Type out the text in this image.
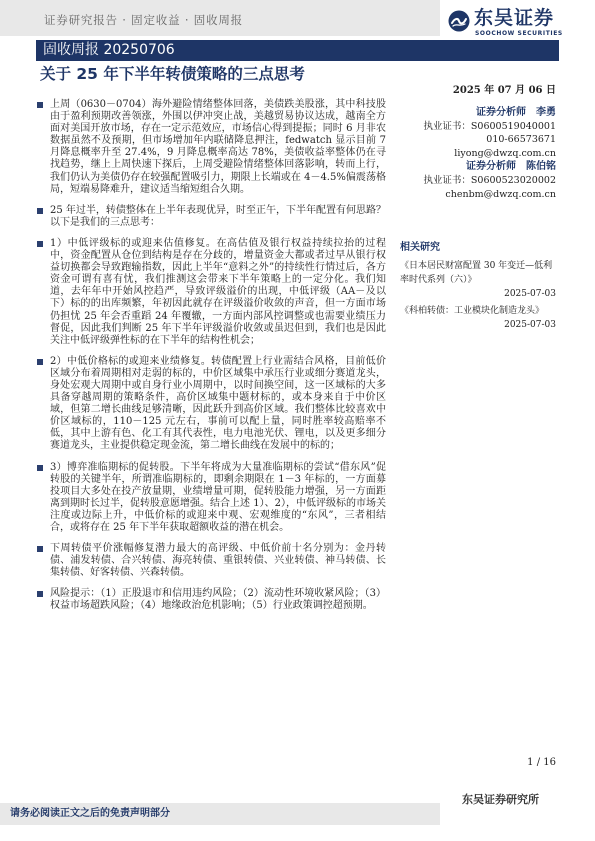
证券研究报告 · 固定收益 · 固收周报	东吴证券
SOOCHOW SECURITIES
固收周报 20250706
关于 25 年下半年转债策略的三点思考
2025 年 07 月 06 日
上周（0630－0704）海外避险情绪整体回落，美债跌美股涨，其中科技股由于盈利预期改善领涨，外围以伊冲突止战，美越贸易协议达成，越南全方面对美国开放市场，存在一定示范效应，市场信心得到提振；同时 6 月非农数据虽然不及预期，但市场增加年内联储降息押注，fedwatch 显示目前 7 月降息概率升至 27.4%，9 月降息概率高达 78%，美债收益率整体仍在寻找趋势，继上上周快速下探后，上周受避险情绪整体回落影响，转而上行，我们仍认为美债仍存在较强配置吸引力，期限上长端或在 4－4.5%偏震荡格局，短端易降难升，建议适当缩短组合久期。
25 年过半，转债整体在上半年表现优异，时至正午，下半年配置有何思路？以下是我们的三点思考：
1）中低评级标的或迎来估值修复。在高估值及银行权益持续拉抬的过程中，资金配置从仓位到结构是存在分歧的，增量资金大都或者过早从银行权益切换都会导致跑输指数，因此上半年“意料之外”的持续性行情过后，各方资金可谓有喜有忧，我们推测这会带来下半年策略上的一定分化。我们知道，去年年中开始风控趋严，导致评级溢价的出现，中低评级（AA－及以下）标的的出库频繁，年初因此就存在评级溢价收敛的声音，但一方面市场仍担忧 25 年会否重蹈 24 年覆辙，一方面内部风控调整或也需要业绩压力督促，因此我们判断 25 年下半年评级溢价收敛或虽迟但到，我们也是因此关注中低评级弹性标的在下半年的结构性机会；
2）中低价格标的或迎来业绩修复。转债配置上行业需结合风格，目前低价区域分布着周期相对走弱的标的，中价区域集中承压行业或细分赛道龙头，身处宏观大周期中或自身行业小周期中，以时间换空间，这一区域标的大多具备穿越周期的策略条件，高价区域集中题材标的，或本身来自于中价区域，但第二增长曲线足够清晰，因此跃升到高价区域。我们整体比较喜欢中价区域标的，110－125 元左右，事前可以配上量，同时胜率较高赔率不低，其中上游有色、化工有其代表性，电力电池光伏、锂电，以及更多细分赛道龙头，主业提供稳定现金流，第二增长曲线在发展中的标的；
3）博弈准临期标的促转股。下半年将成为大量准临期标的尝试“借东风”促转股的关键半年，所谓准临期标的，即剩余期限在 1－3 年标的，一方面募投项目大多处在投产放量期，业绩增量可期，促转股能力增强，另一方面距离到期时长过半，促转股意愿增强。结合上述 1）、2），中低评级标的市场关注度或边际上升，中低价标的或迎来中观、宏观维度的“东风”，三者相结合，或将存在 25 年下半年获取超额收益的潜在机会。
下周转债平价涨幅修复潜力最大的高评级、中低价前十名分别为：金丹转债、浦发转债、合兴转债、海亮转债、重银转债、兴业转债、神马转债、长集转债、好客转债、兴森转债。
风险提示：（1）正股退市和信用违约风险；（2）流动性环境收紧风险；（3）权益市场超跌风险；（4）地缘政治危机影响；（5）行业政策调控超预期。
证券分析师 李勇
执业证书：S0600519040001
010-66573671
liyong@dwzq.com.cn
证券分析师 陈伯铭
执业证书：S0600523020002
chenbm@dwzq.com.cn
相关研究
《日本居民财富配置 30 年变迁—低利率时代系列（六）》
2025-07-03
《科柏转债：工业模块化制造龙头》
2025-07-03
1 / 16
东吴证券研究所
请务必阅读正文之后的免责声明部分
